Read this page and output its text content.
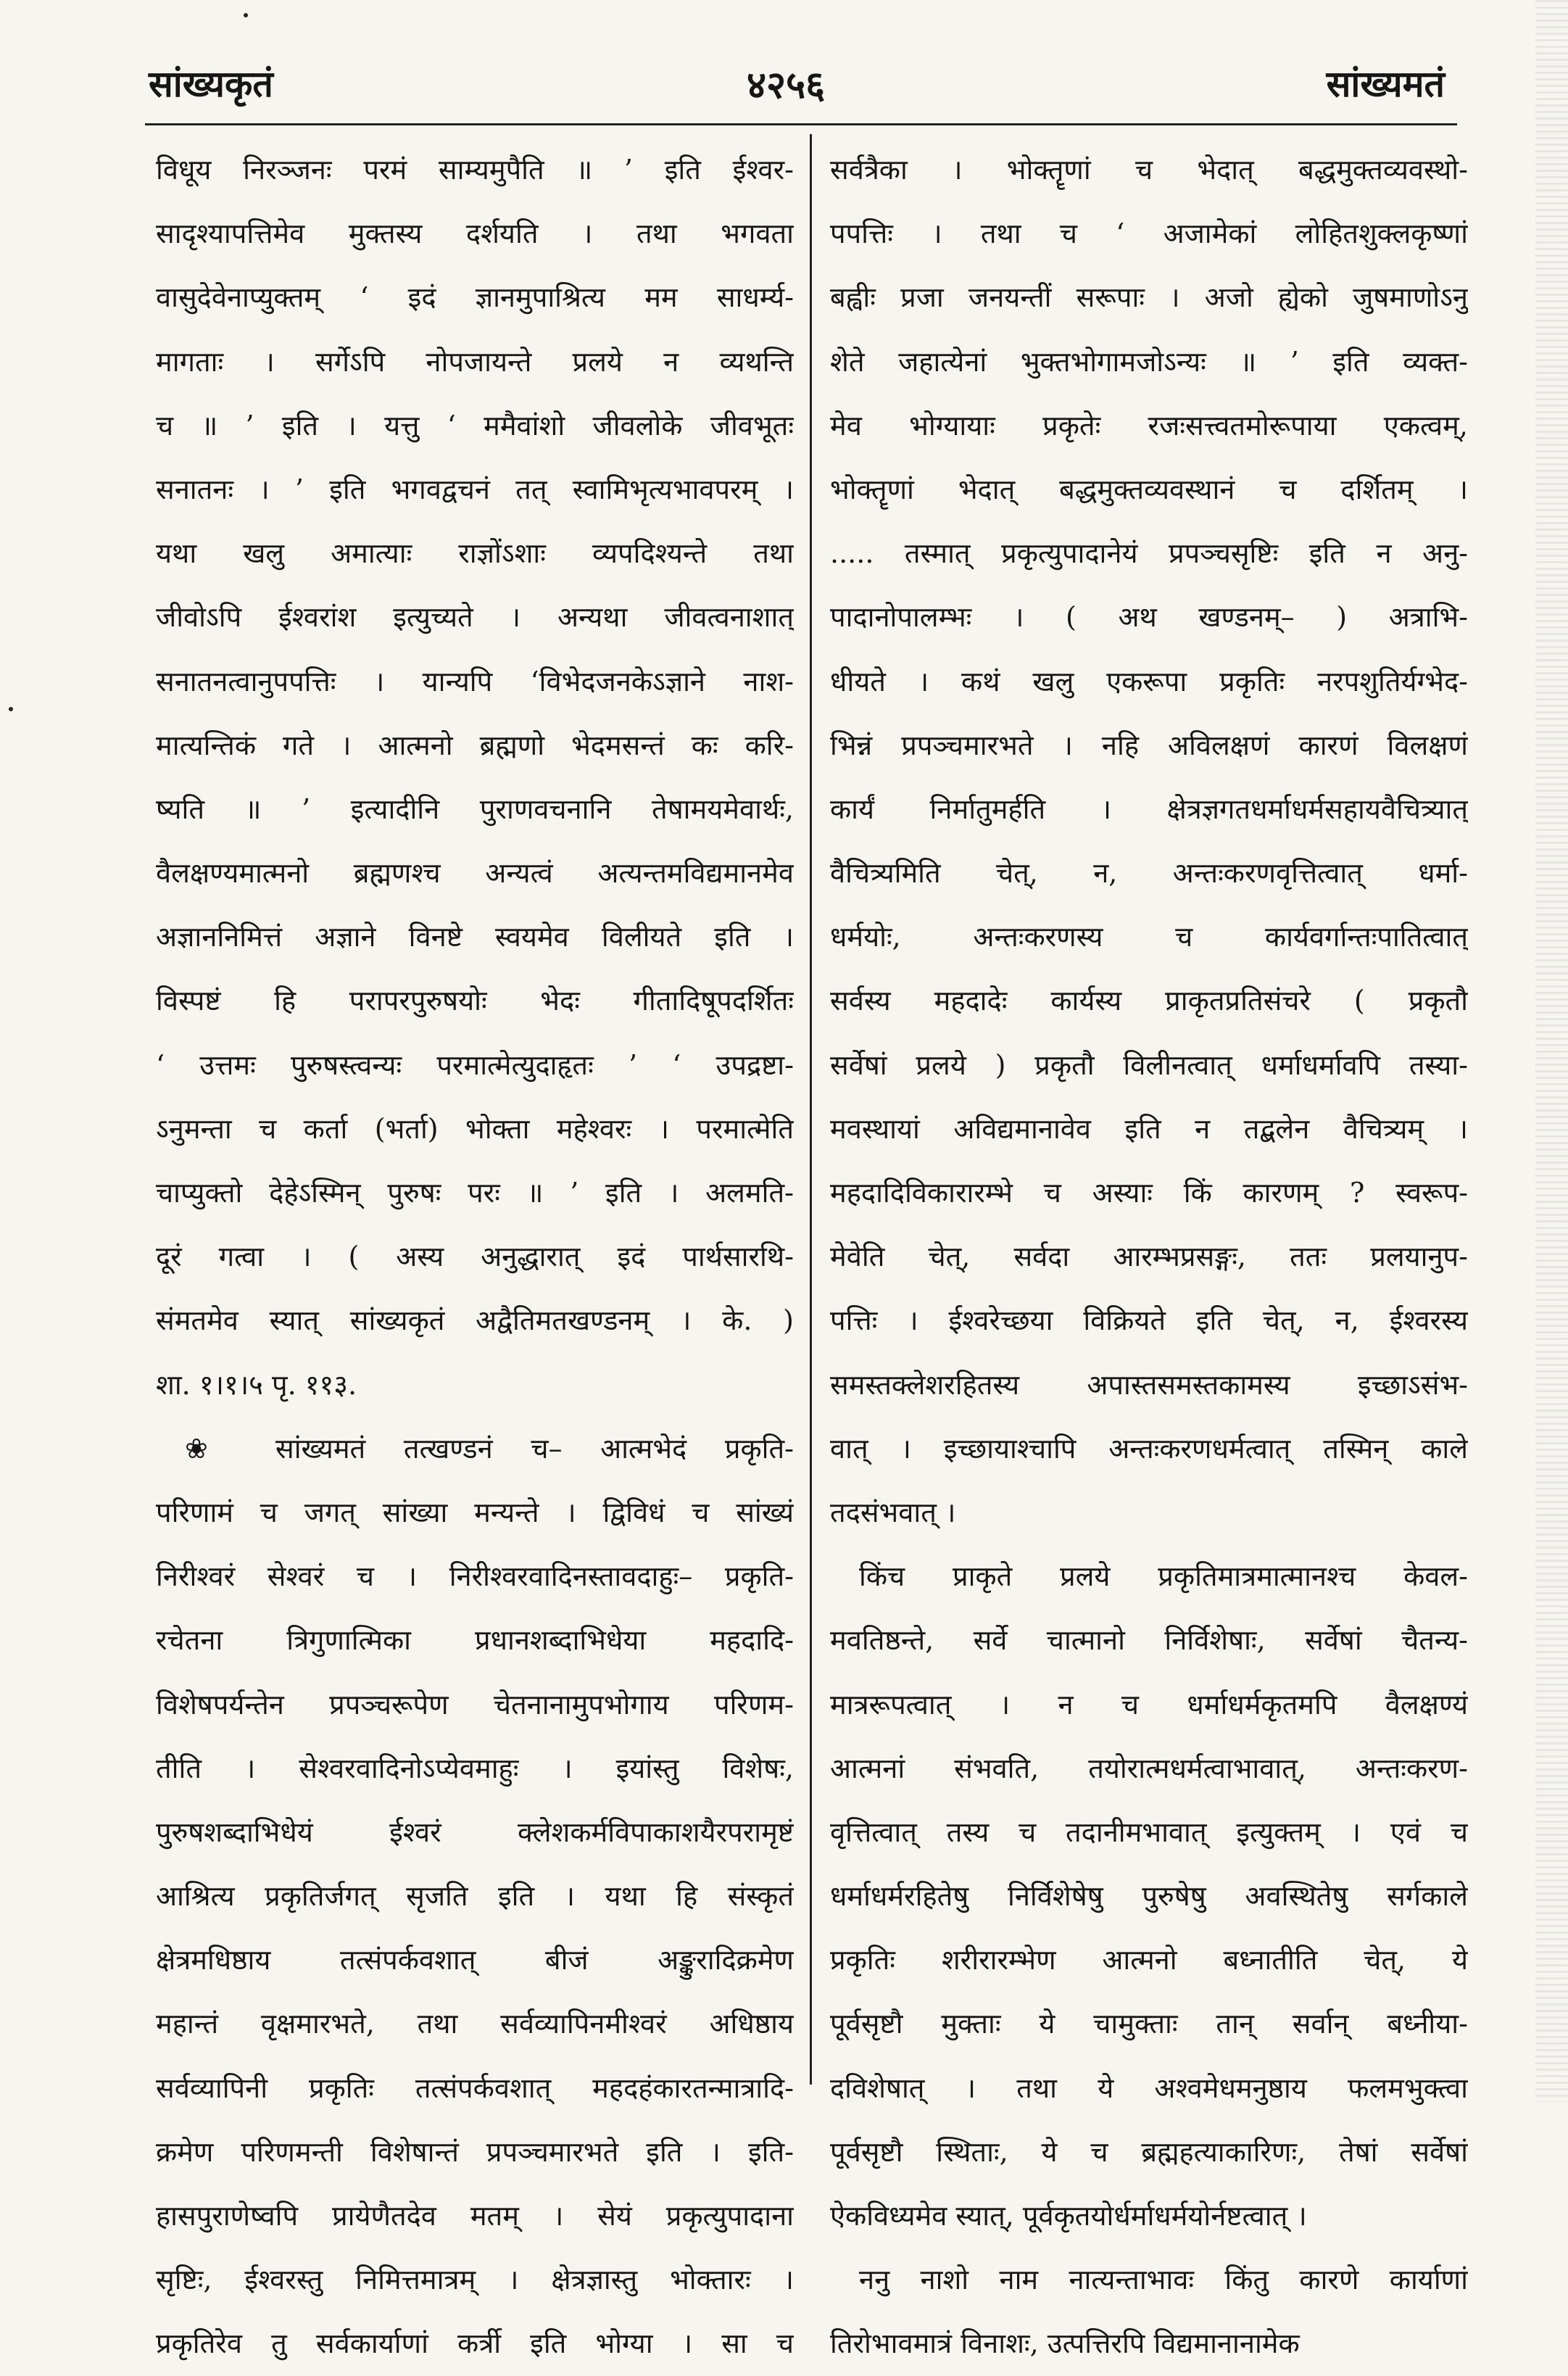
सांख्यकृतं	४२५६	सांख्यमतं
विधूय निरञ्जनः परमं साम्यमुपैति ॥ ’ इति ईश्वर-
सादृश्यापत्तिमेव मुक्तस्य दर्शयति । तथा भगवता
वासुदेवेनाप्युक्तम् ‘ इदं ज्ञानमुपाश्रित्य मम साधर्म्य-
मागताः । सर्गेऽपि नोपजायन्ते प्रलये न व्यथन्ति
च ॥ ’ इति । यत्तु ‘ ममैवांशो जीवलोके जीवभूतः
सनातनः । ’ इति भगवद्वचनं तत् स्वामिभृत्यभावपरम् ।
यथा खलु अमात्याः राज्ञोंऽशाः व्यपदिश्यन्ते तथा
जीवोऽपि ईश्वरांश इत्युच्यते । अन्यथा जीवत्वनाशात्
सनातनत्वानुपपत्तिः । यान्यपि ‘विभेदजनकेऽज्ञाने नाश-
मात्यन्तिकं गते । आत्मनो ब्रह्मणो भेदमसन्तं कः करि-
ष्यति ॥ ’ इत्यादीनि पुराणवचनानि तेषामयमेवार्थः,
वैलक्षण्यमात्मनो ब्रह्मणश्च अन्यत्वं अत्यन्तमविद्यमानमेव
अज्ञाननिमित्तं अज्ञाने विनष्टे स्वयमेव विलीयते इति ।
विस्पष्टं हि परापरपुरुषयोः भेदः गीतादिषूपदर्शितः
‘ उत्तमः पुरुषस्त्वन्यः परमात्मेत्युदाहृतः ’ ‘ उपद्रष्टा-
ऽनुमन्ता च कर्ता (भर्ता) भोक्ता महेश्वरः । परमात्मेति
चाप्युक्तो देहेऽस्मिन् पुरुषः परः ॥ ’ इति । अलमति-
दूरं गत्वा । ( अस्य अनुद्धारात् इदं पार्थसारथि-
संमतमेव स्यात् सांख्यकृतं अद्वैतिमतखण्डनम् । के. )
शा. १।१।५ पृ. ११३.
❀ सांख्यमतं तत्खण्डनं च– आत्मभेदं प्रकृति-
परिणामं च जगत् सांख्या मन्यन्ते । द्विविधं च सांख्यं
निरीश्वरं सेश्वरं च । निरीश्वरवादिनस्तावदाहुः– प्रकृति-
रचेतना त्रिगुणात्मिका प्रधानशब्दाभिधेया महदादि-
विशेषपर्यन्तेन प्रपञ्चरूपेण चेतनानामुपभोगाय परिणम-
तीति । सेश्वरवादिनोऽप्येवमाहुः । इयांस्तु विशेषः,
पुरुषशब्दाभिधेयं ईश्वरं क्लेशकर्मविपाकाशयैरपरामृष्टं
आश्रित्य प्रकृतिर्जगत् सृजति इति । यथा हि संस्कृतं
क्षेत्रमधिष्ठाय तत्संपर्कवशात् बीजं अङ्कुरादिक्रमेण
महान्तं वृक्षमारभते, तथा सर्वव्यापिनमीश्वरं अधिष्ठाय
सर्वव्यापिनी प्रकृतिः तत्संपर्कवशात् महदहंकारतन्मात्रादि-
क्रमेण परिणमन्ती विशेषान्तं प्रपञ्चमारभते इति । इति-
हासपुराणेष्वपि प्रायेणैतदेव मतम् । सेयं प्रकृत्युपादाना
सृष्टिः, ईश्वरस्तु निमित्तमात्रम् । क्षेत्रज्ञास्तु भोक्तारः ।
प्रकृतिरेव तु सर्वकार्याणां कर्त्री इति भोग्या । सा च
सर्वत्रैका । भोक्तॄणां च भेदात् बद्धमुक्तव्यवस्थो-
पपत्तिः । तथा च ‘ अजामेकां लोहितशुक्लकृष्णां
बह्वीः प्रजा जनयन्तीं सरूपाः । अजो ह्येको जुषमाणोऽनु
शेते जहात्येनां भुक्तभोगामजोऽन्यः ॥ ’ इति व्यक्त-
मेव भोग्यायाः प्रकृतेः रजःसत्त्वतमोरूपाया एकत्वम्,
भोक्तॄणां भेदात् बद्धमुक्तव्यवस्थानं च दर्शितम् ।
..... तस्मात् प्रकृत्युपादानेयं प्रपञ्चसृष्टिः इति न अनु-
पादानोपालम्भः । ( अथ खण्डनम्– ) अत्राभि-
धीयते । कथं खलु एकरूपा प्रकृतिः नरपशुतिर्यग्भेद-
भिन्नं प्रपञ्चमारभते । नहि अविलक्षणं कारणं विलक्षणं
कार्यं निर्मातुमर्हति । क्षेत्रज्ञगतधर्माधर्मसहायवैचित्र्यात्
वैचित्र्यमिति चेत्, न, अन्तःकरणवृत्तित्वात् धर्मा-
धर्मयोः, अन्तःकरणस्य च कार्यवर्गान्तःपातित्वात्
सर्वस्य महदादेः कार्यस्य प्राकृतप्रतिसंचरे ( प्रकृतौ
सर्वेषां प्रलये ) प्रकृतौ विलीनत्वात् धर्माधर्मावपि तस्या-
मवस्थायां अविद्यमानावेव इति न तद्बलेन वैचित्र्यम् ।
महदादिविकारारम्भे च अस्याः किं कारणम् ? स्वरूप-
मेवेति चेत्, सर्वदा आरम्भप्रसङ्गः, ततः प्रलयानुप-
पत्तिः । ईश्वरेच्छया विक्रियते इति चेत्, न, ईश्वरस्य
समस्तक्लेशरहितस्य अपास्तसमस्तकामस्य इच्छाऽसंभ-
वात् । इच्छायाश्चापि अन्तःकरणधर्मत्वात् तस्मिन् काले
तदसंभवात् ।
किंच प्राकृते प्रलये प्रकृतिमात्रमात्मानश्च केवल-
मवतिष्ठन्ते, सर्वे चात्मानो निर्विशेषाः, सर्वेषां चैतन्य-
मात्ररूपत्वात् । न च धर्माधर्मकृतमपि वैलक्षण्यं
आत्मनां संभवति, तयोरात्मधर्मत्वाभावात्, अन्तःकरण-
वृत्तित्वात् तस्य च तदानीमभावात् इत्युक्तम् । एवं च
धर्माधर्मरहितेषु निर्विशेषेषु पुरुषेषु अवस्थितेषु सर्गकाले
प्रकृतिः शरीरारम्भेण आत्मनो बध्नातीति चेत्, ये
पूर्वसृष्टौ मुक्ताः ये चामुक्ताः तान् सर्वान् बध्नीया-
दविशेषात् । तथा ये अश्वमेधमनुष्ठाय फलमभुक्त्वा
पूर्वसृष्टौ स्थिताः, ये च ब्रह्महत्याकारिणः, तेषां सर्वेषां
ऐकविध्यमेव स्यात्, पूर्वकृतयोर्धर्माधर्मयोर्नष्टत्वात् ।
ननु नाशो नाम नात्यन्ताभावः किंतु कारणे कार्याणां
तिरोभावमात्रं विनाशः, उत्पत्तिरपि विद्यमानानामेक
